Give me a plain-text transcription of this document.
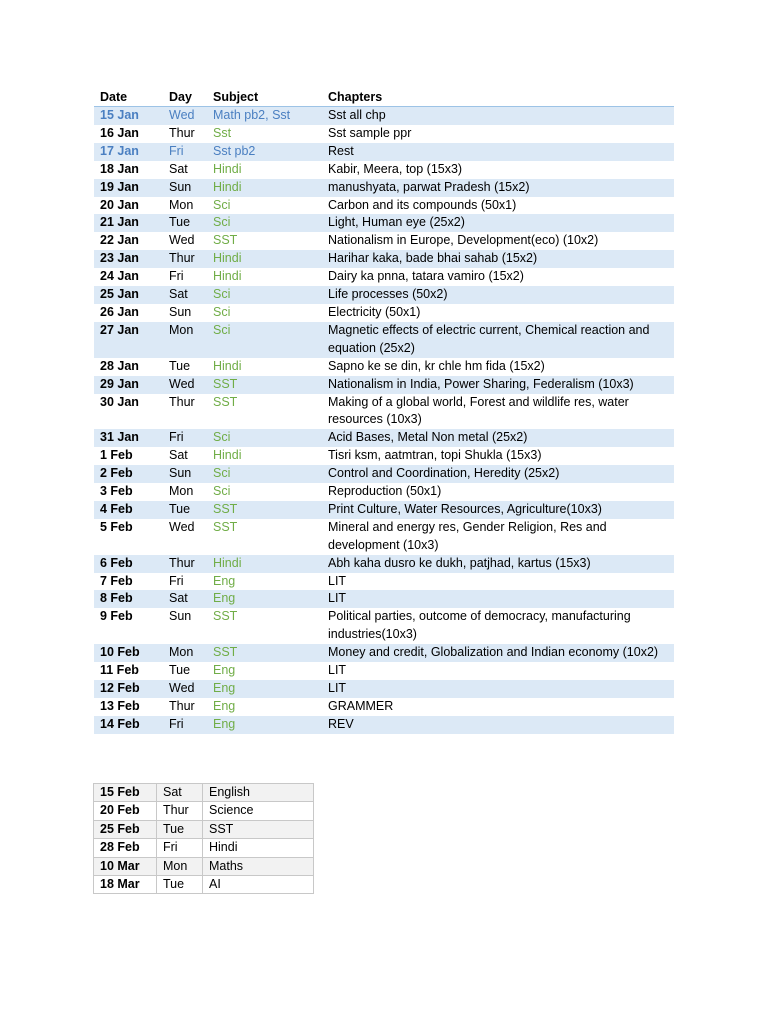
Date	Day	Subject	Chapters
15 Jan	Wed	Math pb2, Sst	Sst all chp
16 Jan	Thur	Sst	Sst sample ppr
17 Jan	Fri	Sst pb2	Rest
18 Jan	Sat	Hindi	Kabir, Meera, top (15x3)
19 Jan	Sun	Hindi	manushyata, parwat Pradesh (15x2)
20 Jan	Mon	Sci	Carbon and its compounds (50x1)
21 Jan	Tue	Sci	Light, Human eye (25x2)
22 Jan	Wed	SST	Nationalism in Europe, Development(eco) (10x2)
23 Jan	Thur	Hindi	Harihar kaka, bade bhai sahab (15x2)
24 Jan	Fri	Hindi	Dairy ka pnna, tatara vamiro (15x2)
25 Jan	Sat	Sci	Life processes (50x2)
26 Jan	Sun	Sci	Electricity (50x1)
27 Jan	Mon	Sci	Magnetic effects of electric current, Chemical reaction and equation (25x2)
28 Jan	Tue	Hindi	Sapno ke se din, kr chle hm fida (15x2)
29 Jan	Wed	SST	Nationalism in India, Power Sharing, Federalism (10x3)
30 Jan	Thur	SST	Making of a global world, Forest and wildlife res, water resources (10x3)
31 Jan	Fri	Sci	Acid Bases, Metal Non metal (25x2)
1 Feb	Sat	Hindi	Tisri ksm, aatmtran, topi Shukla (15x3)
2 Feb	Sun	Sci	Control and Coordination, Heredity (25x2)
3 Feb	Mon	Sci	Reproduction (50x1)
4 Feb	Tue	SST	Print Culture, Water Resources, Agriculture(10x3)
5 Feb	Wed	SST	Mineral and energy res, Gender Religion, Res and development (10x3)
6 Feb	Thur	Hindi	Abh kaha dusro ke dukh, patjhad, kartus (15x3)
7 Feb	Fri	Eng	LIT
8 Feb	Sat	Eng	LIT
9 Feb	Sun	SST	Political parties, outcome of democracy, manufacturing industries(10x3)
10 Feb	Mon	SST	Money and credit, Globalization and Indian economy (10x2)
11 Feb	Tue	Eng	LIT
12 Feb	Wed	Eng	LIT
13 Feb	Thur	Eng	GRAMMER
14 Feb	Fri	Eng	REV
15 Feb	Sat	English
20 Feb	Thur	Science
25 Feb	Tue	SST
28 Feb	Fri	Hindi
10 Mar	Mon	Maths
18 Mar	Tue	AI
